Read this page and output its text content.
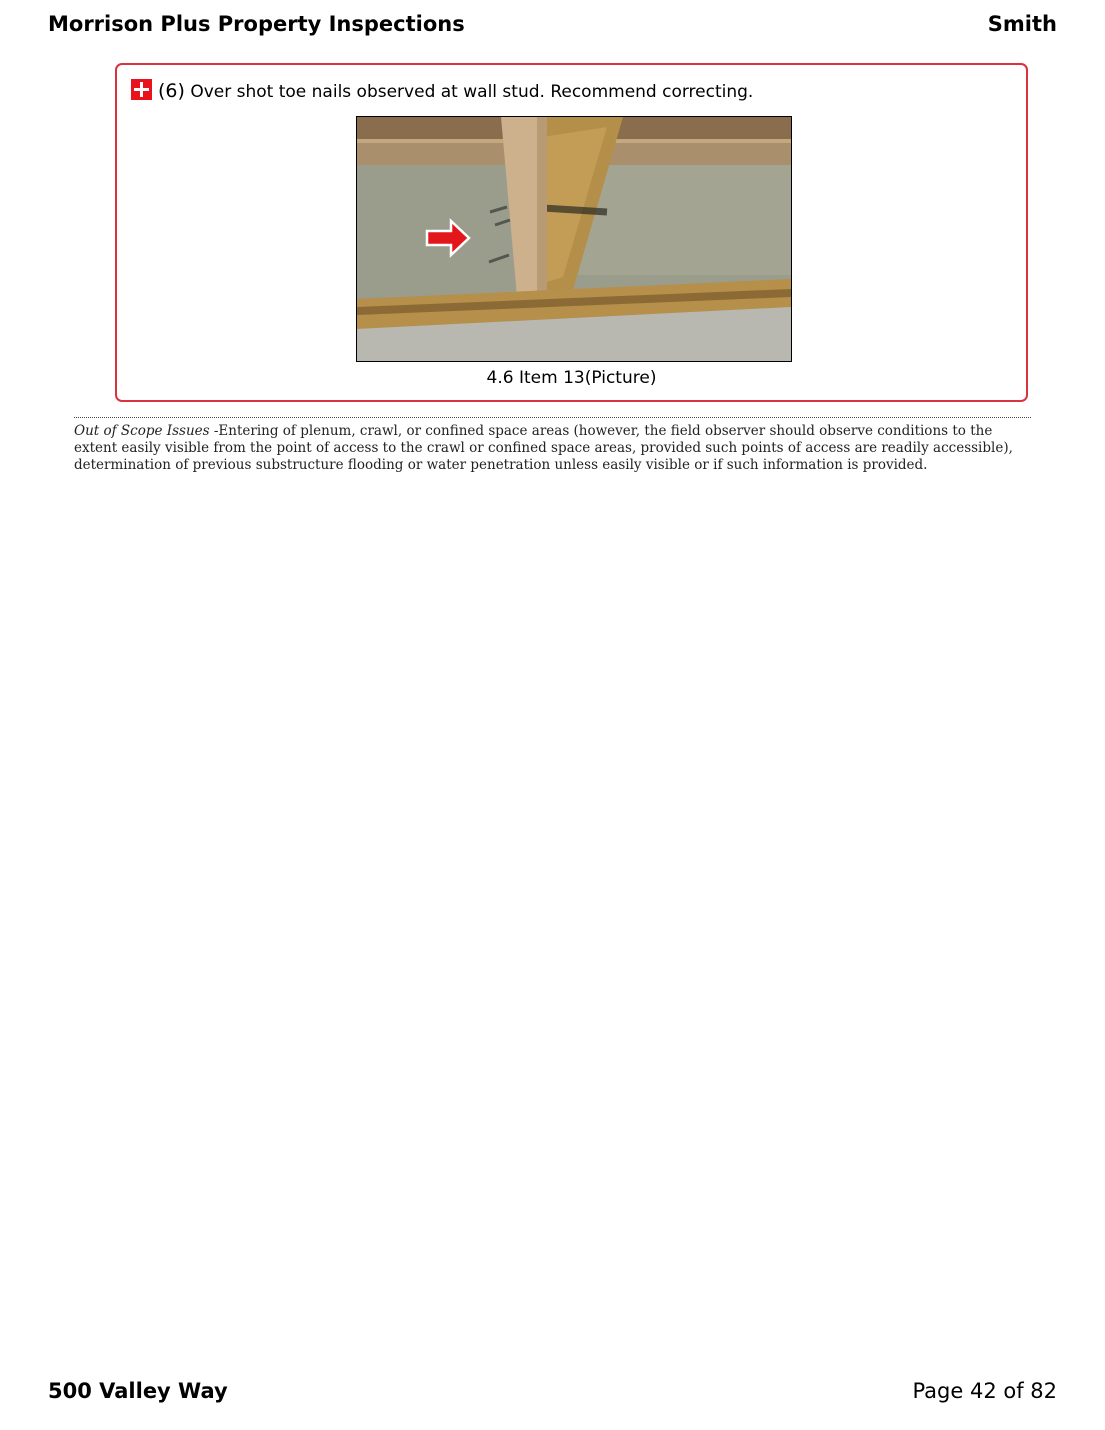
Morrison Plus Property Inspections	Smith
(6) Over shot toe nails observed at wall stud. Recommend correcting.
4.6 Item 13(Picture)
Out of Scope Issues -Entering of plenum, crawl, or confined space areas (however, the field observer should observe conditions to the extent easily visible from the point of access to the crawl or confined space areas, provided such points of access are readily accessible), determination of previous substructure flooding or water penetration unless easily visible or if such information is provided.
500 Valley Way	Page 42 of 82
